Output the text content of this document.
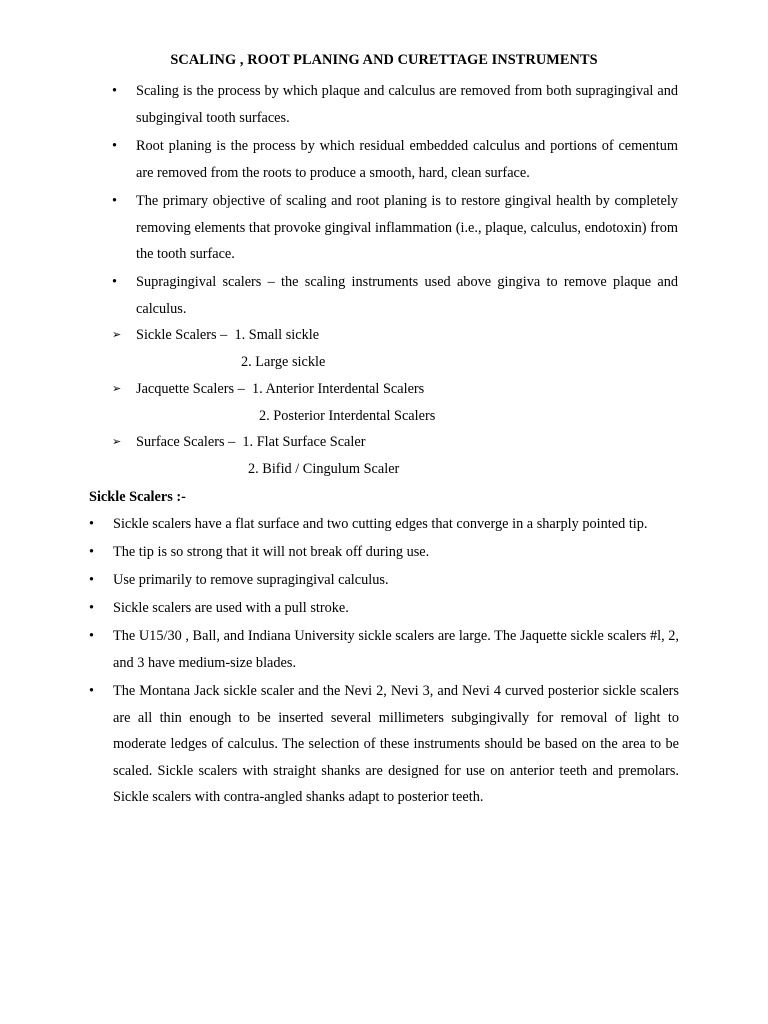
SCALING , ROOT PLANING AND CURETTAGE INSTRUMENTS
• Scaling is the process by which plaque and calculus are removed from both supragingival and subgingival tooth surfaces.
• Root planing is the process by which residual embedded calculus and portions of cementum are removed from the roots to produce a smooth, hard, clean surface.
• The primary objective of scaling and root planing is to restore gingival health by completely removing elements that provoke gingival inflammation (i.e., plaque, calculus, endotoxin) from the tooth surface.
• Supragingival scalers – the scaling instruments used above gingiva to remove plaque and calculus.
➢ Sickle Scalers – 1. Small sickle
2. Large sickle
➢ Jacquette Scalers – 1. Anterior Interdental Scalers
2. Posterior Interdental Scalers
➢ Surface Scalers – 1. Flat Surface Scaler
2. Bifid / Cingulum Scaler
Sickle Scalers :-
• Sickle scalers have a flat surface and two cutting edges that converge in a sharply pointed tip.
• The tip is so strong that it will not break off during use.
• Use primarily to remove supragingival calculus.
• Sickle scalers are used with a pull stroke.
• The U15/30 , Ball, and Indiana University sickle scalers are large. The Jaquette sickle scalers #l, 2, and 3 have medium-size blades.
• The Montana Jack sickle scaler and the Nevi 2, Nevi 3, and Nevi 4 curved posterior sickle scalers are all thin enough to be inserted several millimeters subgingivally for removal of light to moderate ledges of calculus. The selection of these instruments should be based on the area to be scaled. Sickle scalers with straight shanks are designed for use on anterior teeth and premolars. Sickle scalers with contra-angled shanks adapt to posterior teeth.
